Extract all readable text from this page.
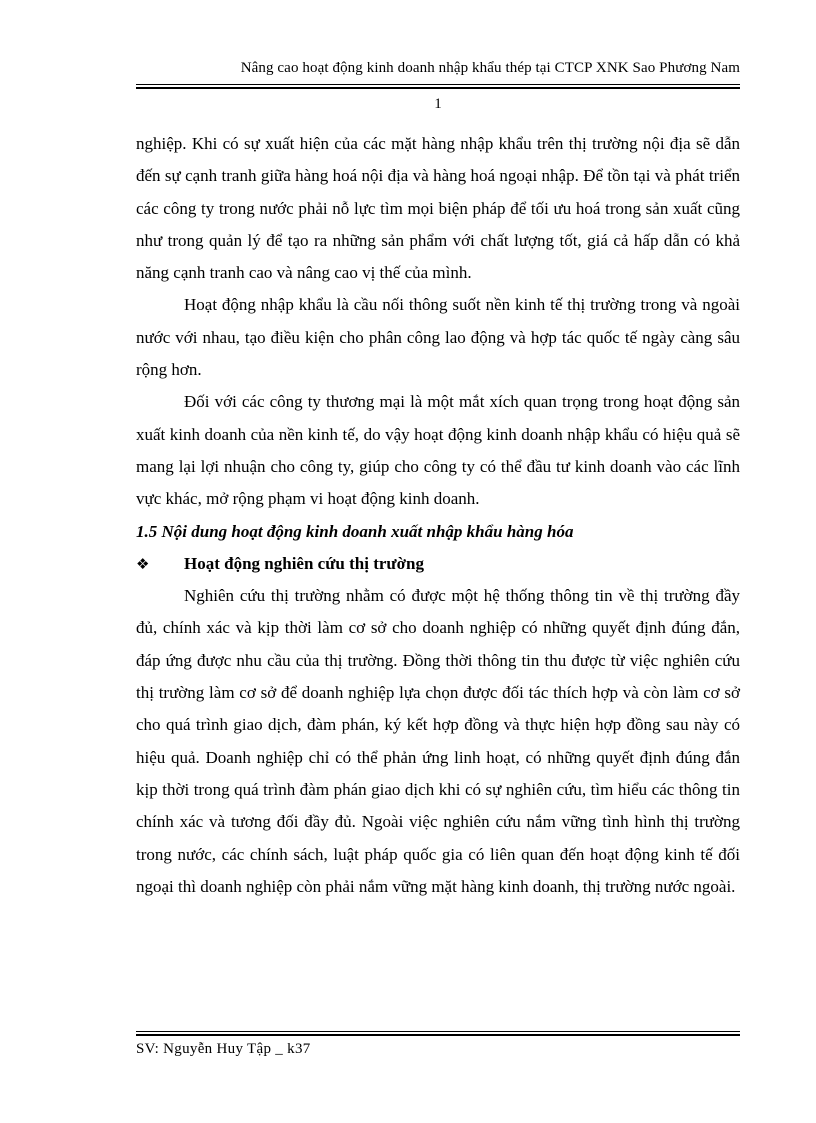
Nâng cao hoạt động kinh doanh nhập khẩu thép tại CTCP XNK Sao Phương Nam
1

nghiệp. Khi có sự xuất hiện của các mặt hàng nhập khẩu trên thị trường nội địa sẽ dẫn đến sự cạnh tranh giữa hàng hoá nội địa và hàng hoá ngoại nhập. Để tồn tại và phát triển các công ty trong nước phải nỗ lực tìm mọi biện pháp để tối ưu hoá trong sản xuất cũng như trong quản lý để tạo ra những sản phẩm với chất lượng tốt, giá cả hấp dẫn có khả năng cạnh tranh cao và nâng cao vị thế của mình.

Hoạt động nhập khẩu là cầu nối thông suốt nền kinh tế thị trường trong và ngoài nước với nhau, tạo điều kiện cho phân công lao động và hợp tác quốc tế ngày càng sâu rộng hơn.

Đối với các công ty thương mại là một mắt xích quan trọng trong hoạt động sản xuất kinh doanh của nền kinh tế, do vậy hoạt động kinh doanh nhập khẩu có hiệu quả sẽ mang lại lợi nhuận cho công ty, giúp cho công ty có thể đầu tư kinh doanh vào các lĩnh vực khác, mở rộng phạm vi hoạt động kinh doanh.

1.5 Nội dung hoạt động kinh doanh xuất nhập khẩu hàng hóa

❖	Hoạt động nghiên cứu thị trường

Nghiên cứu thị trường nhằm có được một hệ thống thông tin về thị trường đầy đủ, chính xác và kịp thời làm cơ sở cho doanh nghiệp có những quyết định đúng đắn, đáp ứng được nhu cầu của thị trường. Đồng thời thông tin thu được từ việc nghiên cứu thị trường làm cơ sở để doanh nghiệp lựa chọn được đối tác thích hợp và còn làm cơ sở cho quá trình giao dịch, đàm phán, ký kết hợp đồng và thực hiện hợp đồng sau này có hiệu quả. Doanh nghiệp chỉ có thể phản ứng linh hoạt, có những quyết định đúng đắn kịp thời trong quá trình đàm phán giao dịch khi có sự nghiên cứu, tìm hiểu các thông tin chính xác và tương đối đầy đủ. Ngoài việc nghiên cứu nắm vững tình hình thị trường trong nước, các chính sách, luật pháp quốc gia có liên quan đến hoạt động kinh tế đối ngoại thì doanh nghiệp còn phải nắm vững mặt hàng kinh doanh, thị trường nước ngoài.

SV: Nguyễn Huy Tập _ k37
